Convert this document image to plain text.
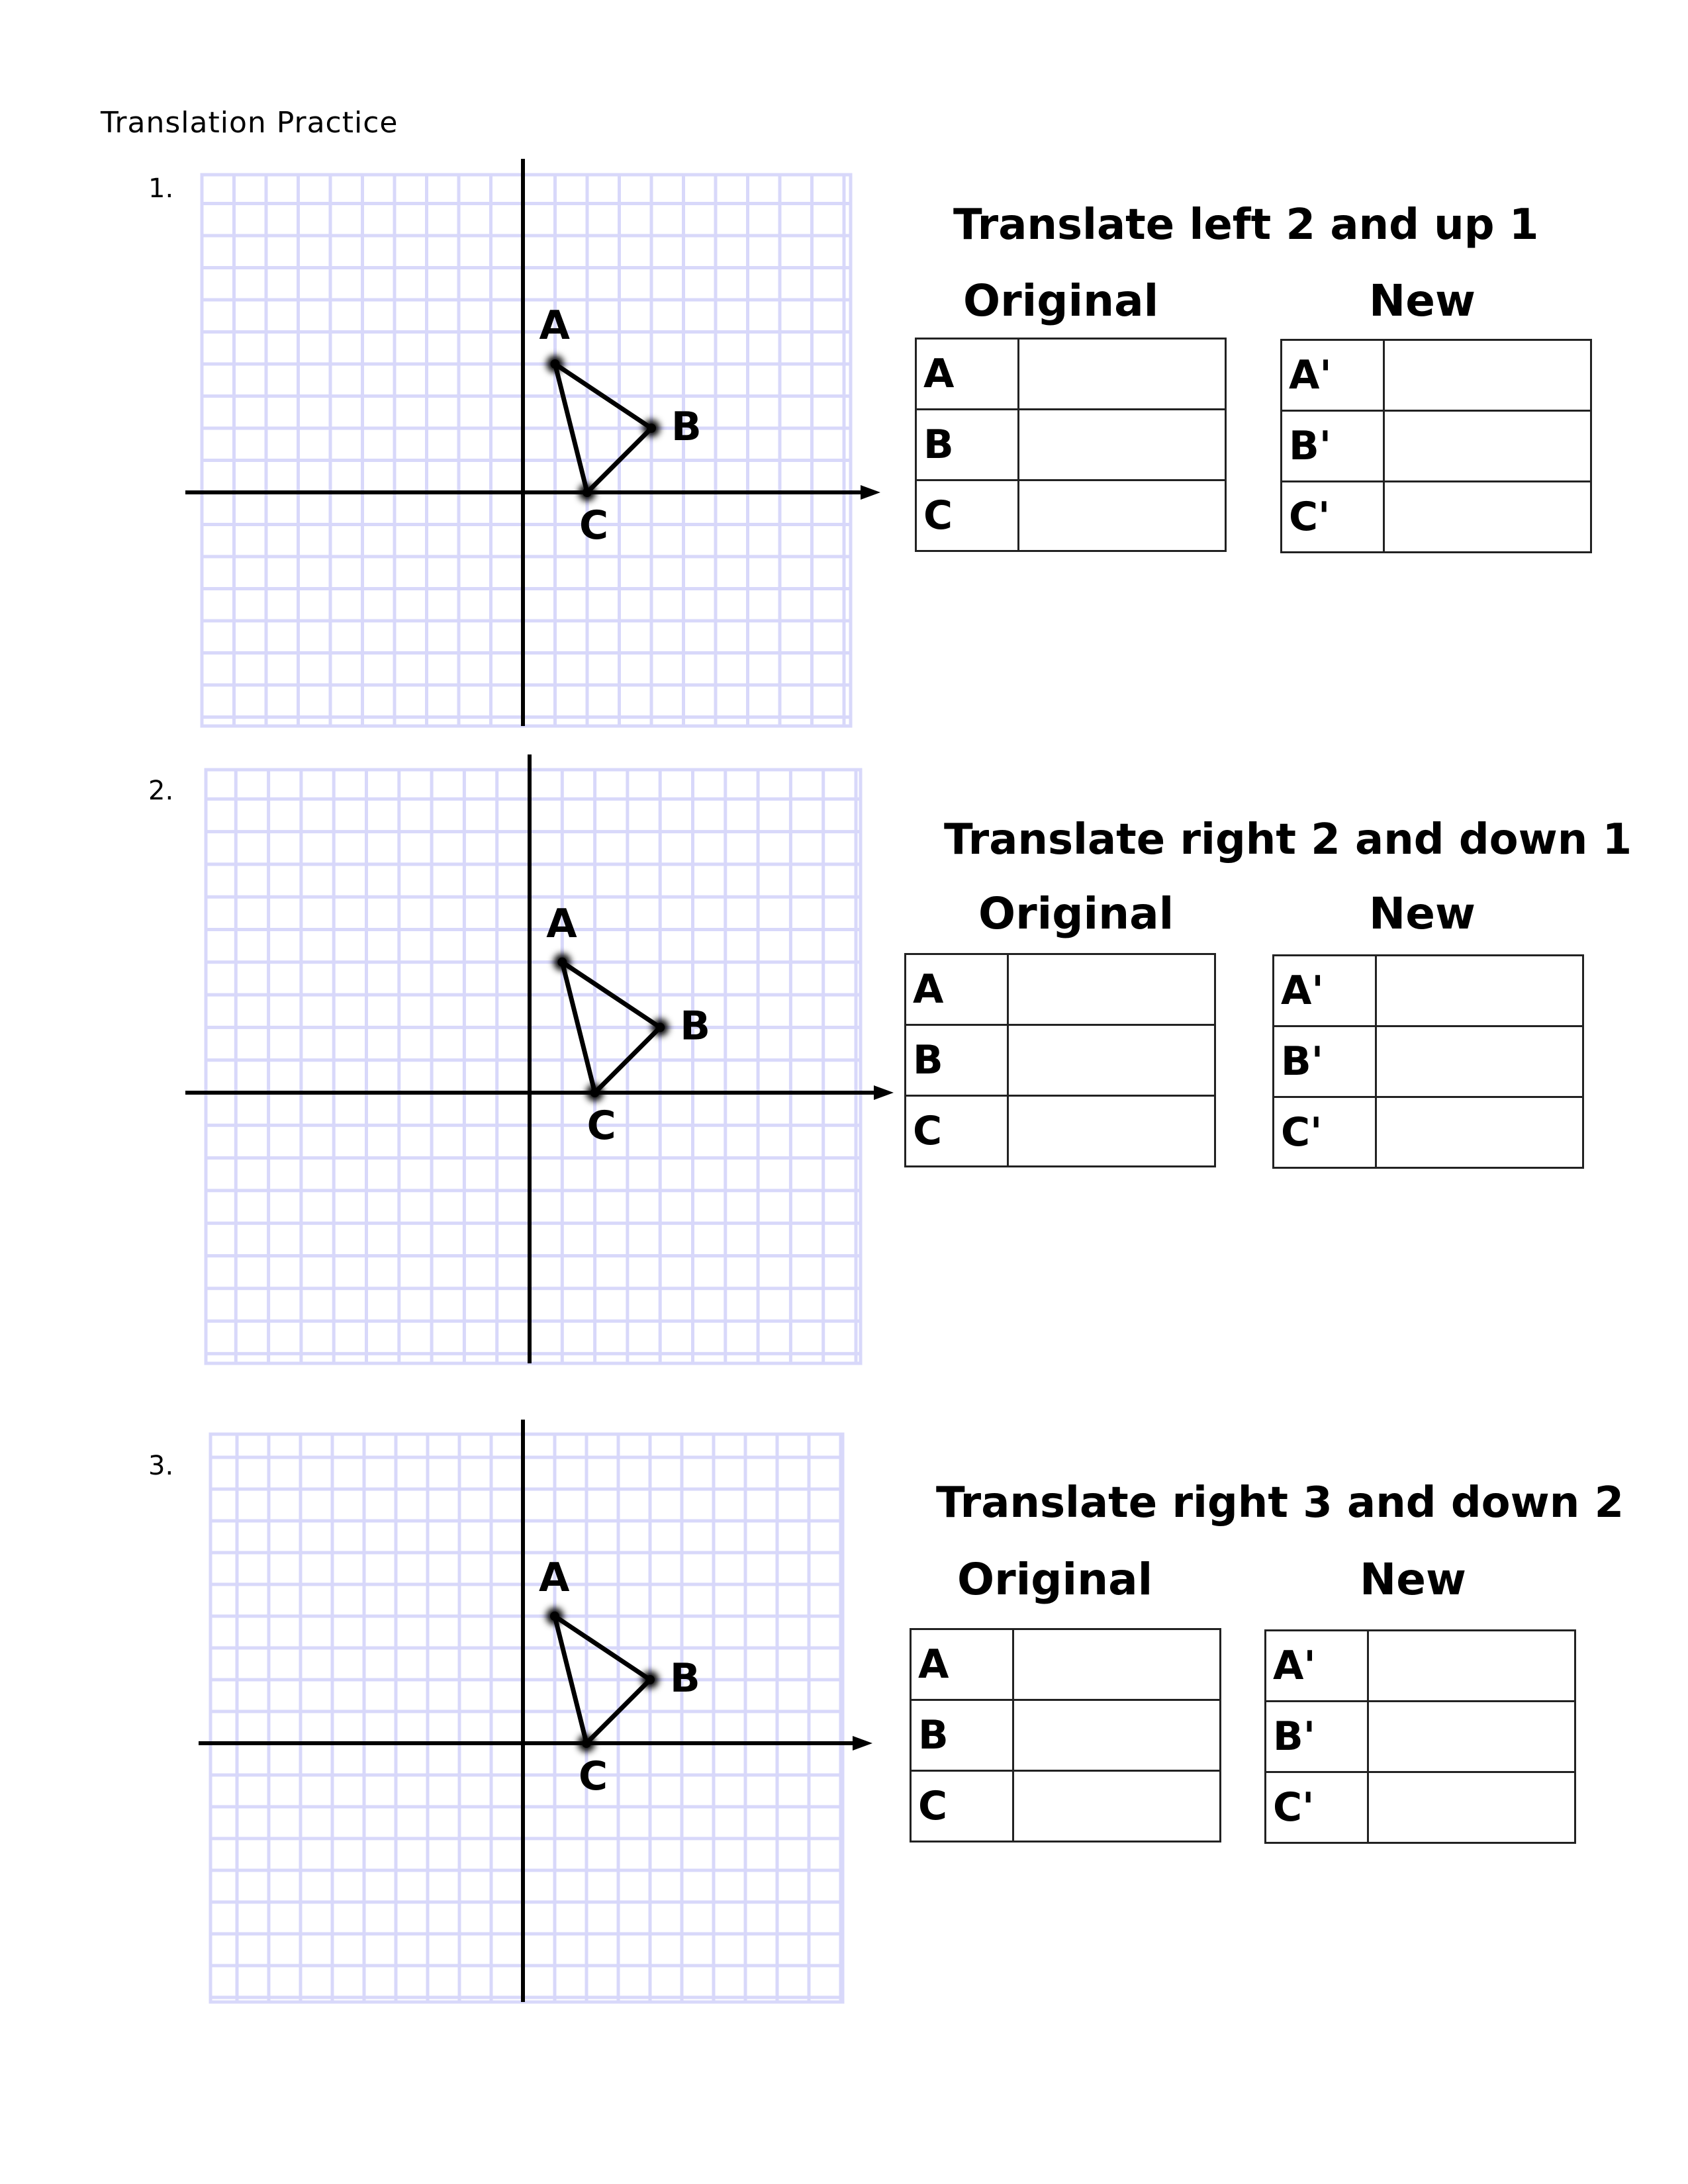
Translation Practice
1.
A
B
C
Translate left 2 and up 1
Original	New
A	
B	
C	
A'	
B'	
C'	
2.
A
B
C
Translate right 2 and down 1
Original	New
A	
B	
C	
A'	
B'	
C'	
3.
A
B
C
Translate right 3 and down 2
Original	New
A	
B	
C	
A'	
B'	
C'	
